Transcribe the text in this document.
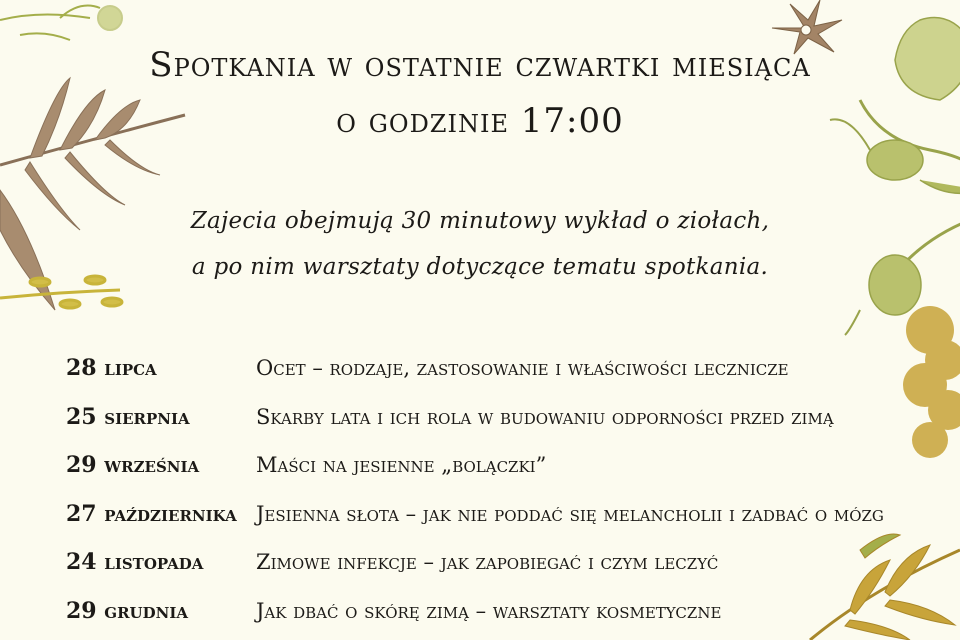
Spotkania w ostatnie czwartki miesiąca
o godzinie 17:00
Zajecia obejmują 30 minutowy wykład o ziołach,
a po nim warsztaty dotyczące tematu spotkania.
28 lipca	Ocet – rodzaje, zastosowanie i właściwości lecznicze
25 sierpnia	Skarby lata i ich rola w budowaniu odporności przed zimą
29 września	Maści na jesienne „bolączki”
27 października Jesienna słota – jak nie poddać się melancholii i zadbać o mózg
24 listopada	Zimowe infekcje – jak zapobiegać i czym leczyć
29 grudnia	Jak dbać o skórę zimą – warsztaty kosmetyczne
